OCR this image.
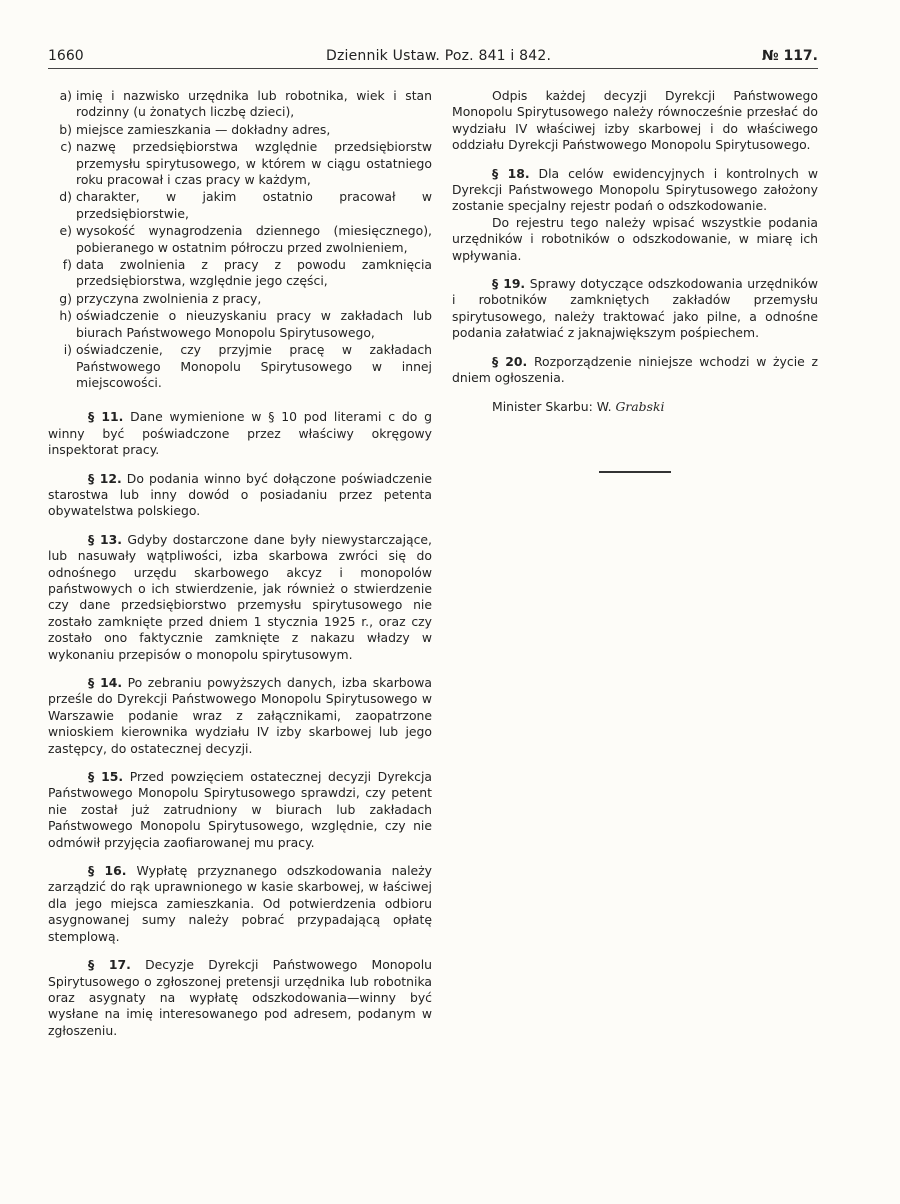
1660	Dziennik Ustaw. Poz. 841 i 842.	№ 117.
a) imię i nazwisko urzędnika lub robotnika, wiek i stan rodzinny (u żonatych liczbę dzieci),
b) miejsce zamieszkania — dokładny adres,
c) nazwę przedsiębiorstwa względnie przedsiębiorstw przemysłu spirytusowego, w którem w ciągu ostatniego roku pracował i czas pracy w każdym,
d) charakter, w jakim ostatnio pracował w przedsiębiorstwie,
e) wysokość wynagrodzenia dziennego (miesięcznego), pobieranego w ostatnim półroczu przed zwolnieniem,
f) data zwolnienia z pracy z powodu zamknięcia przedsiębiorstwa, względnie jego części,
g) przyczyna zwolnienia z pracy,
h) oświadczenie o nieuzyskaniu pracy w zakładach lub biurach Państwowego Monopolu Spirytusowego,
i) oświadczenie, czy przyjmie pracę w zakładach Państwowego Monopolu Spirytusowego w innej miejscowości.

§ 11. Dane wymienione w § 10 pod literami c do g winny być poświadczone przez właściwy okręgowy inspektorat pracy.

§ 12. Do podania winno być dołączone poświadczenie starostwa lub inny dowód o posiadaniu przez petenta obywatelstwa polskiego.

§ 13. Gdyby dostarczone dane były niewystarczające, lub nasuwały wątpliwości, izba skarbowa zwróci się do odnośnego urzędu skarbowego akcyz i monopolów państwowych o ich stwierdzenie, jak również o stwierdzenie czy dane przedsiębiorstwo przemysłu spirytusowego nie zostało zamknięte przed dniem 1 stycznia 1925 r., oraz czy zostało ono faktycznie zamknięte z nakazu władzy w wykonaniu przepisów o monopolu spirytusowym.

§ 14. Po zebraniu powyższych danych, izba skarbowa prześle do Dyrekcji Państwowego Monopolu Spirytusowego w Warszawie podanie wraz z załącznikami, zaopatrzone wnioskiem kierownika wydziału IV izby skarbowej lub jego zastępcy, do ostatecznej decyzji.

§ 15. Przed powzięciem ostatecznej decyzji Dyrekcja Państwowego Monopolu Spirytusowego sprawdzi, czy petent nie został już zatrudniony w biurach lub zakładach Państwowego Monopolu Spirytusowego, względnie, czy nie odmówił przyjęcia zaofiarowanej mu pracy.

§ 16. Wypłatę przyznanego odszkodowania należy zarządzić do rąk uprawnionego w kasie skarbowej, w łaściwej dla jego miejsca zamieszkania. Od potwierdzenia odbioru asygnowanej sumy należy pobrać przypadającą opłatę stemplową.

§ 17. Decyzje Dyrekcji Państwowego Monopolu Spirytusowego o zgłoszonej pretensji urzędnika lub robotnika oraz asygnaty na wypłatę odszkodowania—winny być wysłane na imię interesowanego pod adresem, podanym w zgłoszeniu.

Odpis każdej decyzji Dyrekcji Państwowego Monopolu Spirytusowego należy równocześnie przesłać do wydziału IV właściwej izby skarbowej i do właściwego oddziału Dyrekcji Państwowego Monopolu Spirytusowego.

§ 18. Dla celów ewidencyjnych i kontrolnych w Dyrekcji Państwowego Monopolu Spirytusowego założony zostanie specjalny rejestr podań o odszkodowanie.

Do rejestru tego należy wpisać wszystkie podania urzędników i robotników o odszkodowanie, w miarę ich wpływania.

§ 19. Sprawy dotyczące odszkodowania urzędników i robotników zamkniętych zakładów przemysłu spirytusowego, należy traktować jako pilne, a odnośne podania załatwiać z jaknajwiększym pośpiechem.

§ 20. Rozporządzenie niniejsze wchodzi w życie z dniem ogłoszenia.

Minister Skarbu: W. Grabski
